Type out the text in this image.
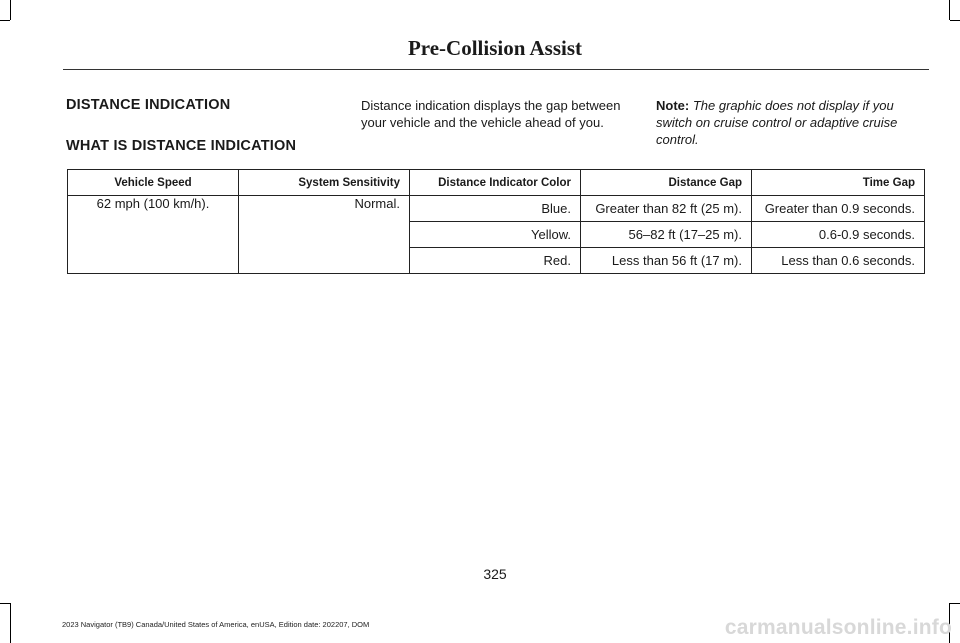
Pre-Collision Assist
DISTANCE INDICATION
WHAT IS DISTANCE INDICATION
Distance indication displays the gap between your vehicle and the vehicle ahead of you.
Note: The graphic does not display if you switch on cruise control or adaptive cruise control.
Vehicle Speed	System Sensitivity	Distance Indicator Color	Distance Gap	Time Gap
62 mph (100 km/h).	Normal.	Blue.	Greater than 82 ft (25 m).	Greater than 0.9 seconds.
		Yellow.	56–82 ft (17–25 m).	0.6-0.9 seconds.
		Red.	Less than 56 ft (17 m).	Less than 0.6 seconds.
325
2023 Navigator (TB9) Canada/United States of America, enUSA, Edition date: 202207, DOM	carmanualsonline.info
